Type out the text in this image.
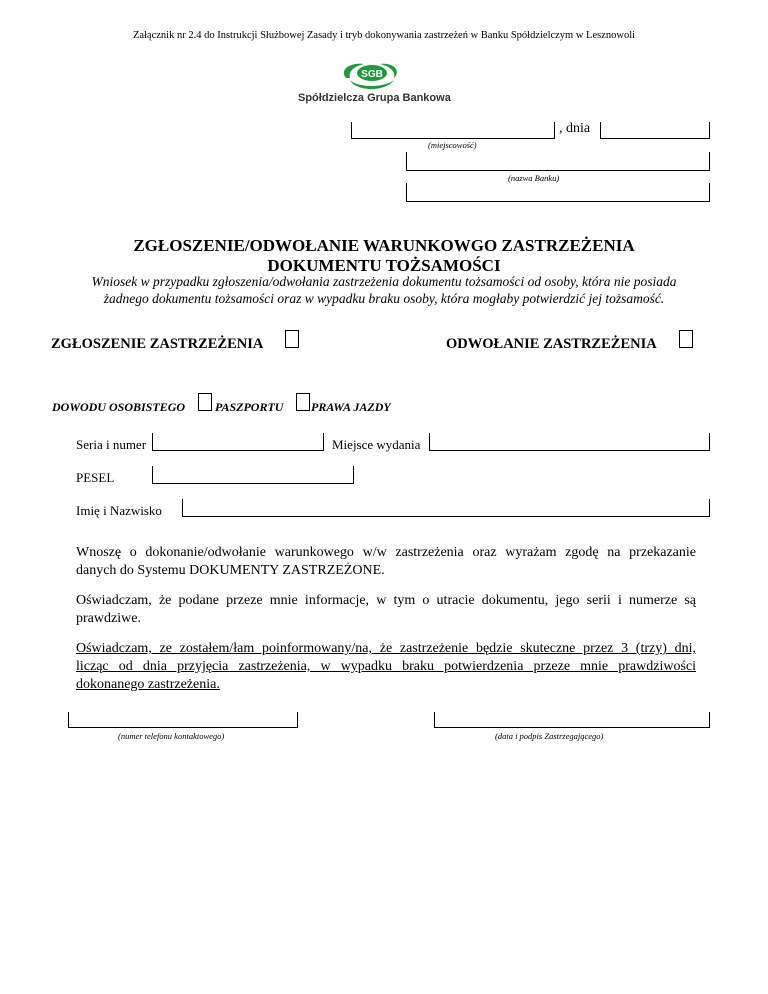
Załącznik nr 2.4 do Instrukcji Służbowej Zasady i tryb dokonywania zastrzeżeń w Banku Spółdzielczym w Lesznowoli
SGB
Spółdzielcza Grupa Bankowa
, dnia
(miejscowość)
(nazwa Banku)
ZGŁOSZENIE/ODWOŁANIE WARUNKOWGO ZASTRZEŻENIA
DOKUMENTU TOŻSAMOŚCI
Wniosek w przypadku zgłoszenia/odwołania zastrzeżenia dokumentu tożsamości od osoby, która nie posiada
żadnego dokumentu tożsamości oraz w wypadku braku osoby, która mogłaby potwierdzić jej tożsamość.
ZGŁOSZENIE ZASTRZEŻENIA	ODWOŁANIE ZASTRZEŻENIA
DOWODU OSOBISTEGO PASZPORTU PRAWA JAZDY
Seria i numer	Miejsce wydania
PESEL
Imię i Nazwisko
Wnoszę o dokonanie/odwołanie warunkowego w/w zastrzeżenia oraz wyrażam zgodę na przekazanie
danych do Systemu DOKUMENTY ZASTRZEŻONE.
Oświadczam, że podane przeze mnie informacje, w tym o utracie dokumentu, jego serii i numerze są
prawdziwe.
Oświadczam, ze zostałem/łam poinformowany/na, że zastrzeżenie będzie skuteczne przez 3 (trzy) dni,
licząc od dnia przyjęcia zastrzeżenia, w wypadku braku potwierdzenia przeze mnie prawdziwości
dokonanego zastrzeżenia.
(numer telefonu kontaktowego)	(data i podpis Zastrzegającego)
